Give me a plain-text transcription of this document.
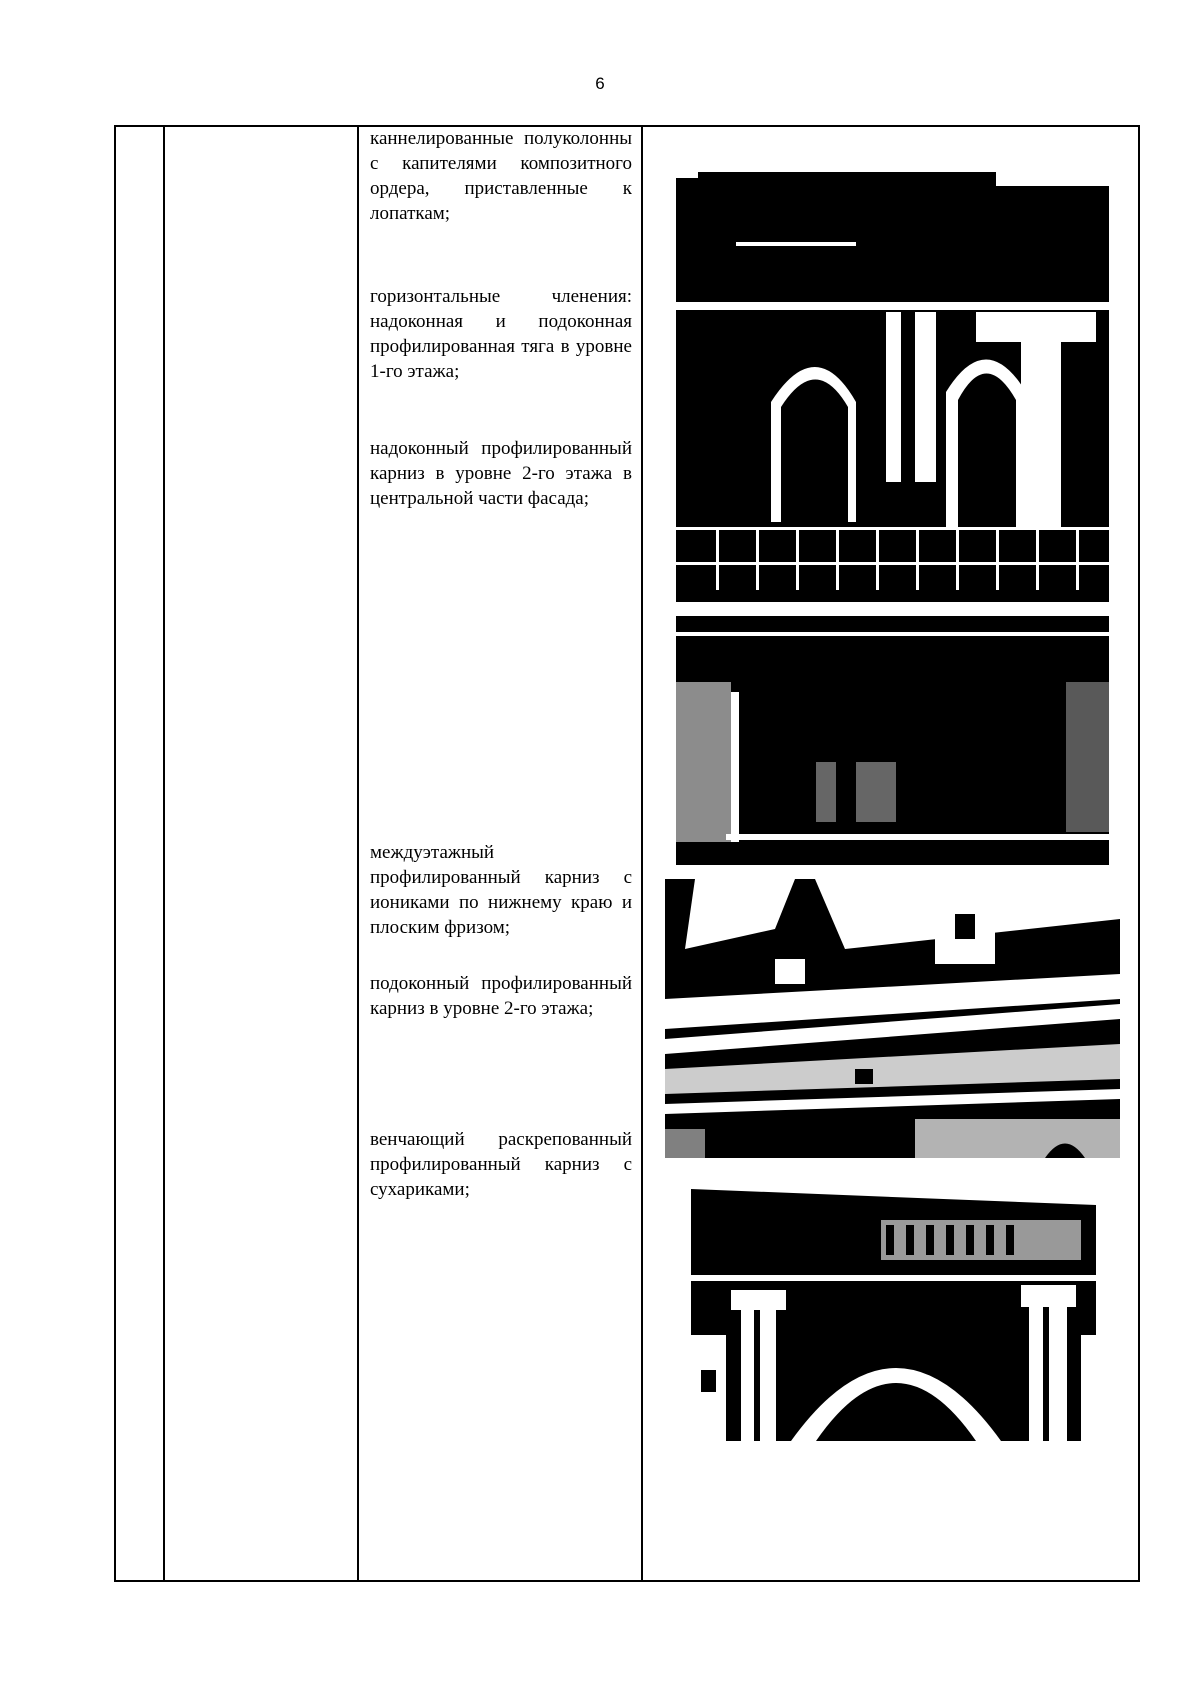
6

каннелированные полуколонны с капителями композитного ордера, приставленные к лопаткам;

горизонтальные членения: надоконная и подоконная профилированная тяга в уровне 1-го этажа;

надоконный профилированный карниз в уровне 2-го этажа в центральной части фасада;

междуэтажный профилированный карниз с иониками по нижнему краю и плоским фризом;

подоконный профилированный карниз в уровне 2-го этажа;

венчающий раскрепованный профилированный карниз с сухариками;
